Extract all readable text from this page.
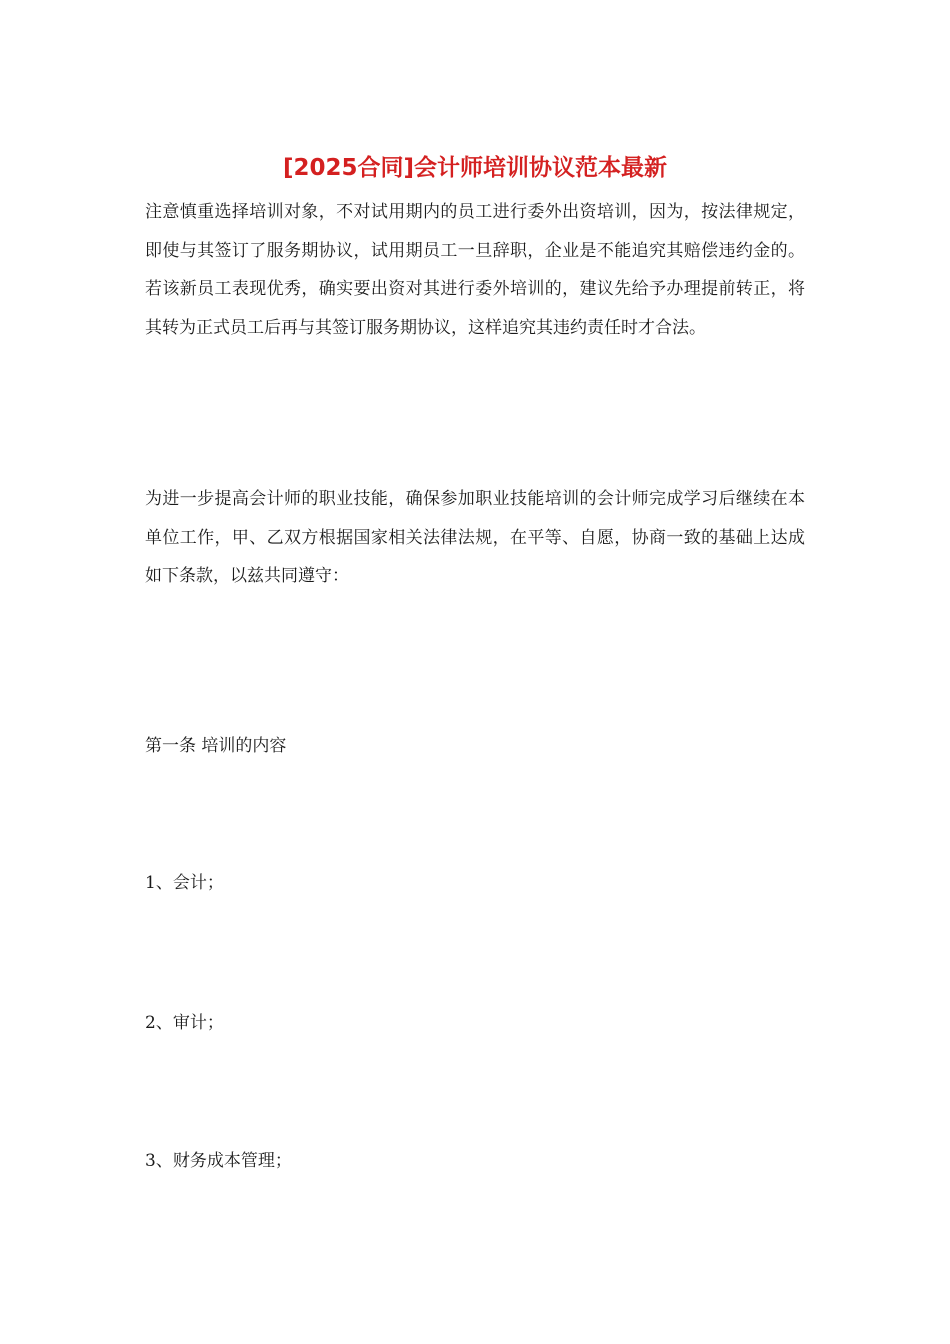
[2025合同]会计师培训协议范本最新

注意慎重选择培训对象，不对试用期内的员工进行委外出资培训，因为，按法律规定，即使与其签订了服务期协议，试用期员工一旦辞职，企业是不能追究其赔偿违约金的。若该新员工表现优秀，确实要出资对其进行委外培训的，建议先给予办理提前转正，将其转为正式员工后再与其签订服务期协议，这样追究其违约责任时才合法。

为进一步提高会计师的职业技能，确保参加职业技能培训的会计师完成学习后继续在本单位工作，甲、乙双方根据国家相关法律法规，在平等、自愿，协商一致的基础上达成如下条款，以兹共同遵守：

第一条 培训的内容

1、会计；

2、审计；

3、财务成本管理；
